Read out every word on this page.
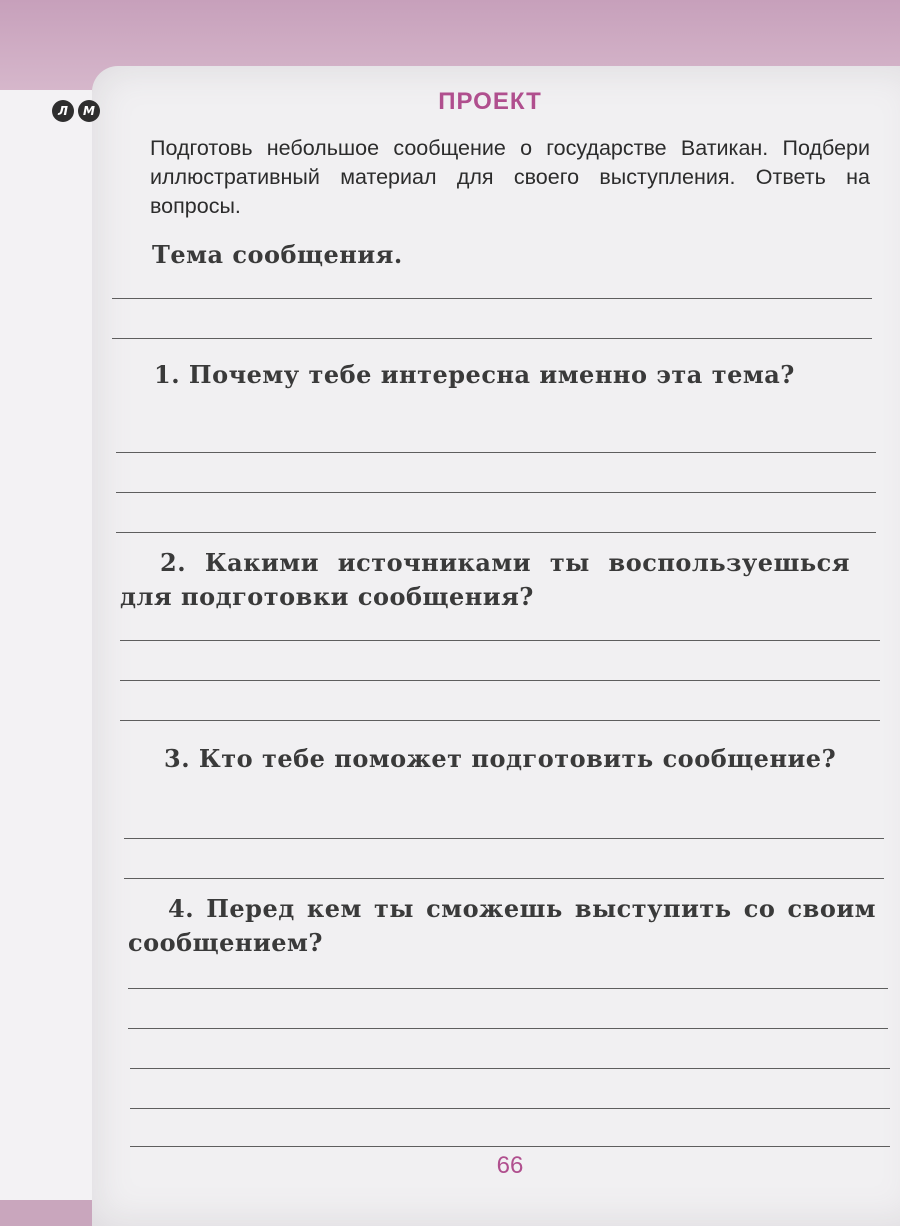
Л	М	ПРОЕКТ
Подготовь небольшое сообщение о государстве Ватикан. Подбери иллюстративный материал для своего выступления. Ответь на вопросы.
Тема сообщения.
1. Почему тебе интересна именно эта тема?
2. Какими источниками ты воспользуешься для подготовки сообщения?
3. Кто тебе поможет подготовить сообщение?
4. Перед кем ты сможешь выступить со своим сообщением?
66
